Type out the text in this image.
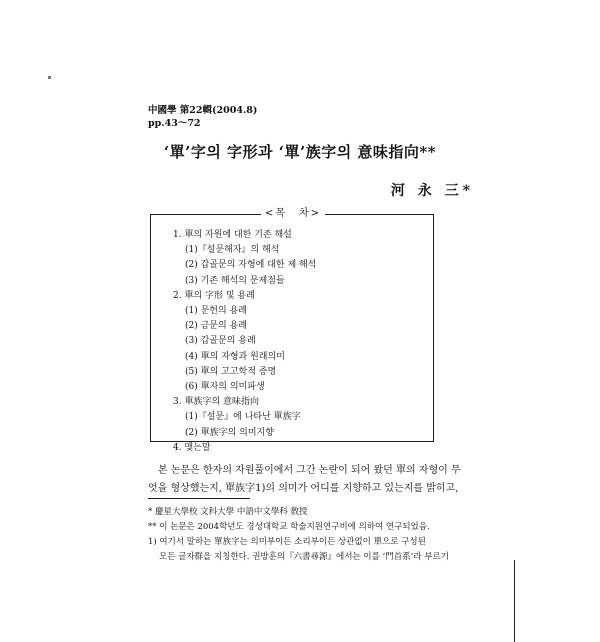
中國學 第22輯(2004.8)
pp.43～72
‘單’字의 字形과 ‘單’族字의 意味指向**
河 永 三*
<목　차>
1. 單의 자원에 대한 기존 해설
(1)『설문해자』의 해석
(2) 갑골문의 자형에 대한 제 해석
(3) 기존 해석의 문제점들
2. 單의 字形 및 용례
(1) 문헌의 용례
(2) 금문의 용례
(3) 갑골문의 용례
(4) 單의 자형과 원래의미
(5) 單의 고고학적 증명
(6) 單자의 의미파생
3. 單族字의 意味指向
(1)『설문』에 나타난 單族字
(2) 單族字의 의미지향
4. 맺는말

본 논문은 한자의 자원풀이에서 그간 논란이 되어 왔던 單의 자형이 무엇을 형상했는지, 單族字1)의 의미가 어디를 지향하고 있는지를 밝히고,

* 慶星大學校 文科大學 中語中文學科 敎授
** 이 논문은 2004학년도 경성대학교 학술지원연구비에 의하여 연구되었음.
1) 여기서 말하는 單族字는 의미부이든 소리부이든 상관없이 單으로 구성된
모든 글자群을 지칭한다. 권방훈의『六書尋源』에서는 이를 ‘門首系’라 부르기
